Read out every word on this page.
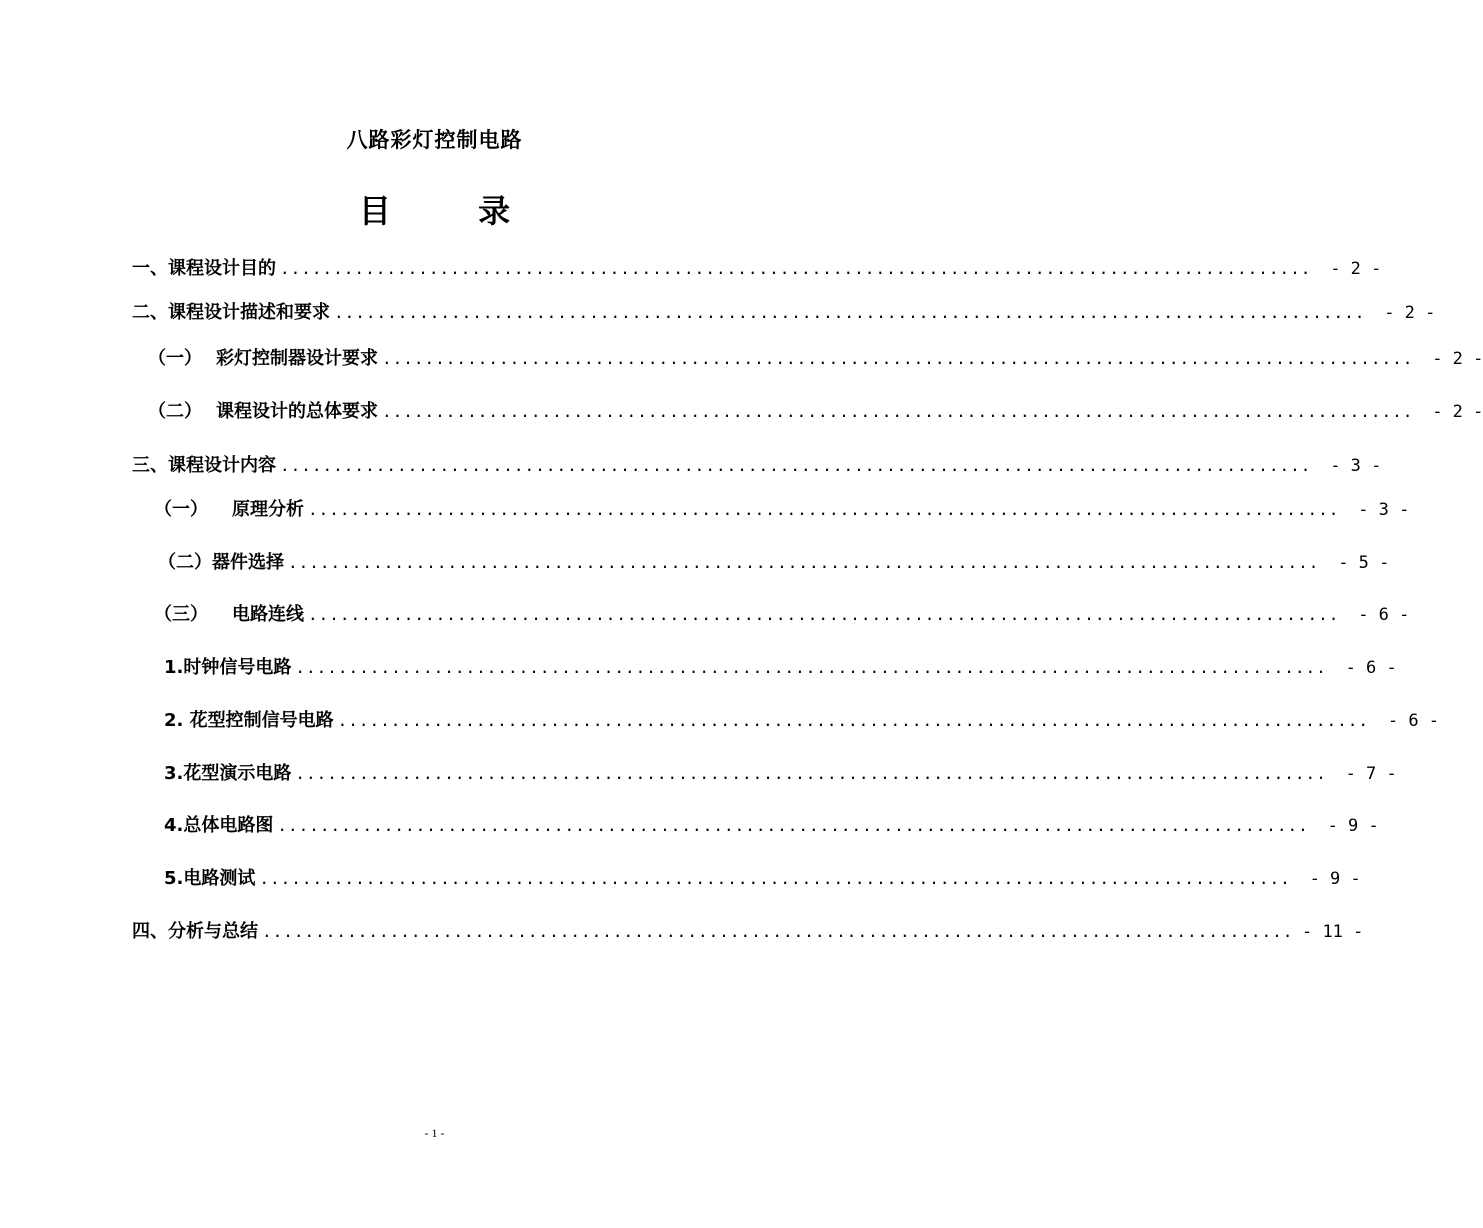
八路彩灯控制电路
目	录
一、课程设计目的 .................................................................................................	- 2 -
二、课程设计描述和要求 .................................................................................................	- 2 -
（一） 彩灯控制器设计要求 .................................................................................................	- 2 -
（二） 课程设计的总体要求 .................................................................................................	- 2 -
三、课程设计内容 .................................................................................................	- 3 -
（一） 原理分析 .................................................................................................	- 3 -
（二）器件选择 .................................................................................................	- 5 -
（三） 电路连线 .................................................................................................	- 6 -
1.时钟信号电路 .................................................................................................	- 6 -
2. 花型控制信号电路 .................................................................................................	- 6 -
3.花型演示电路 .................................................................................................	- 7 -
4.总体电路图 .................................................................................................	- 9 -
5.电路测试 .................................................................................................	- 9 -
四、分析与总结 ................................................................................................. - 11 -
- 1 -
